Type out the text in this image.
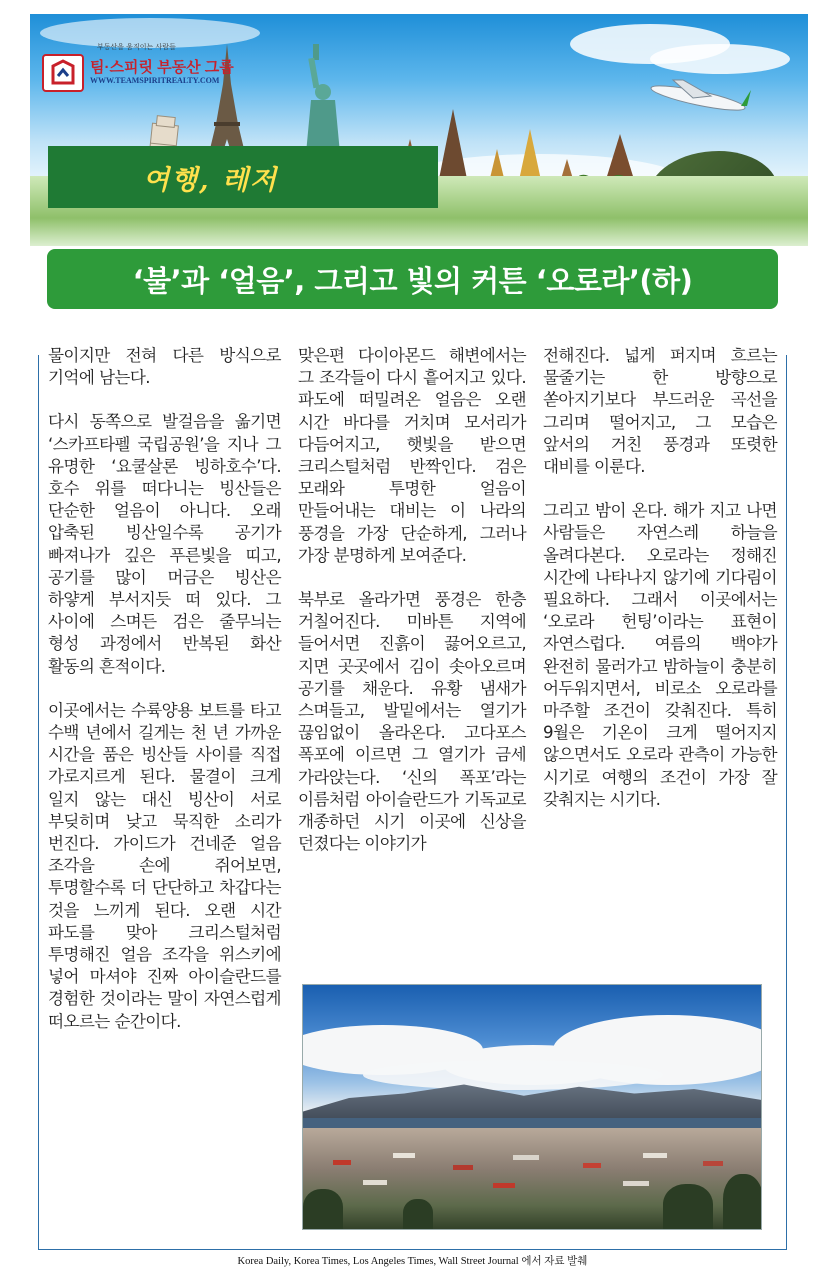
부동산을 움직이는 사람들
팀·스피릿 부동산 그룹
WWW.TEAMSPIRITREALTY.COM
여행, 레저
‘불’과 ‘얼음’, 그리고 빛의 커튼 ‘오로라’(하)

물이지만 전혀 다른 방식으로 기억에 남는다.

다시 동쪽으로 발걸음을 옮기면 ‘스카프타펠 국립공원’을 지나 그 유명한 ‘요쿨살론 빙하호수’다. 호수 위를 떠다니는 빙산들은 단순한 얼음이 아니다. 오래 압축된 빙산일수록 공기가 빠져나가 깊은 푸른빛을 띠고, 공기를 많이 머금은 빙산은 하얗게 부서지듯 떠 있다. 그 사이에 스며든 검은 줄무늬는 형성 과정에서 반복된 화산 활동의 흔적이다.

이곳에서는 수륙양용 보트를 타고 수백 년에서 길게는 천 년 가까운 시간을 품은 빙산들 사이를 직접 가로지르게 된다. 물결이 크게 일지 않는 대신 빙산이 서로 부딪히며 낮고 묵직한 소리가 번진다. 가이드가 건네준 얼음 조각을 손에 쥐어보면, 투명할수록 더 단단하고 차갑다는 것을 느끼게 된다. 오랜 시간 파도를 맞아 크리스털처럼 투명해진 얼음 조각을 위스키에 넣어 마셔야 진짜 아이슬란드를 경험한 것이라는 말이 자연스럽게 떠오르는 순간이다.

맞은편 다이아몬드 해변에서는 그 조각들이 다시 흩어지고 있다. 파도에 떠밀려온 얼음은 오랜 시간 바다를 거치며 모서리가 다듬어지고, 햇빛을 받으면 크리스털처럼 반짝인다. 검은 모래와 투명한 얼음이 만들어내는 대비는 이 나라의 풍경을 가장 단순하게, 그러나 가장 분명하게 보여준다.

북부로 올라가면 풍경은 한층 거칠어진다. 미바튼 지역에 들어서면 진흙이 끓어오르고, 지면 곳곳에서 김이 솟아오르며 공기를 채운다. 유황 냄새가 스며들고, 발밑에서는 열기가 끊임없이 올라온다. 고다포스 폭포에 이르면 그 열기가 금세 가라앉는다. ‘신의 폭포’라는 이름처럼 아이슬란드가 기독교로 개종하던 시기 이곳에 신상을 던졌다는 이야기가

전해진다. 넓게 퍼지며 흐르는 물줄기는 한 방향으로 쏟아지기보다 부드러운 곡선을 그리며 떨어지고, 그 모습은 앞서의 거친 풍경과 또렷한 대비를 이룬다.

그리고 밤이 온다. 해가 지고 나면 사람들은 자연스레 하늘을 올려다본다. 오로라는 정해진 시간에 나타나지 않기에 기다림이 필요하다. 그래서 이곳에서는 ‘오로라 헌팅’이라는 표현이 자연스럽다. 여름의 백야가 완전히 물러가고 밤하늘이 충분히 어두워지면서, 비로소 오로라를 마주할 조건이 갖춰진다. 특히 9월은 기온이 크게 떨어지지 않으면서도 오로라 관측이 가능한 시기로 여행의 조건이 가장 잘 갖춰지는 시기다.

Korea Daily, Korea Times, Los Angeles Times, Wall Street Journal 에서 자료 발췌
